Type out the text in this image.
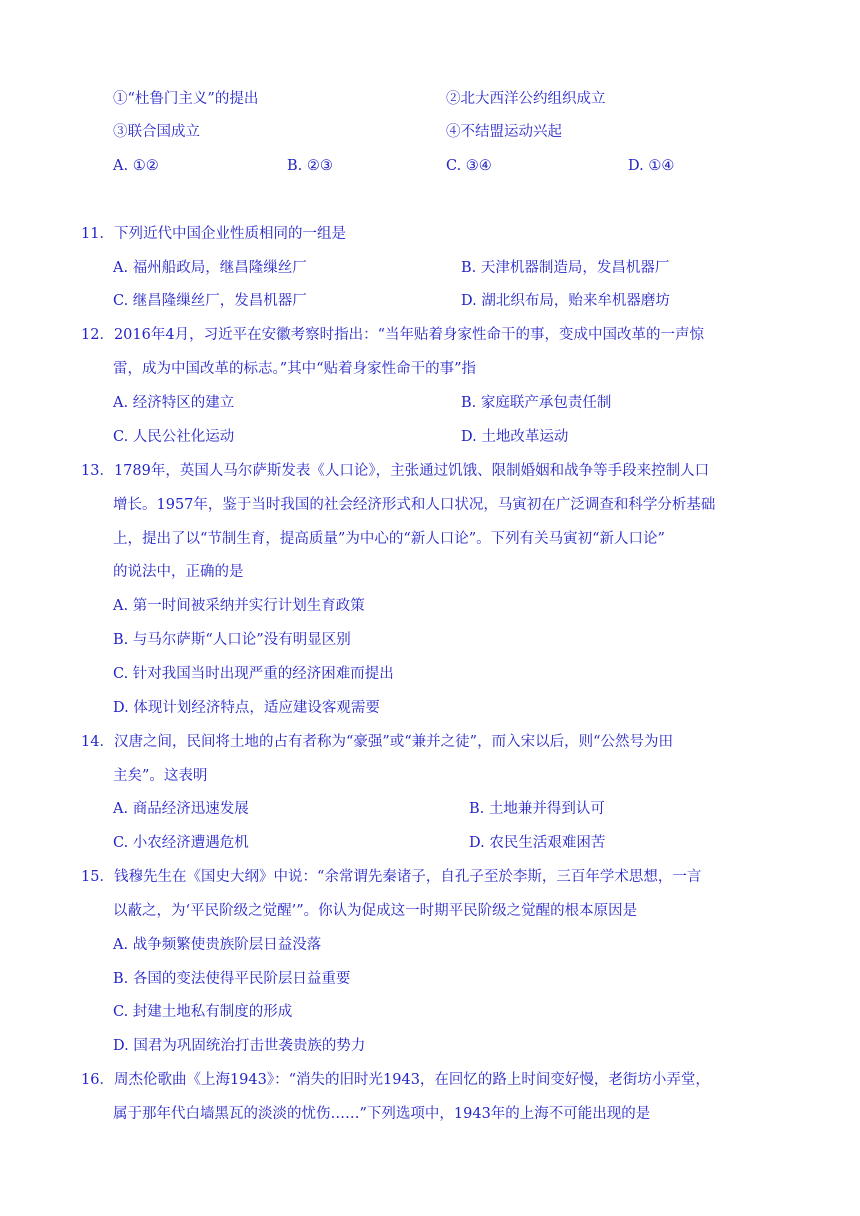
①“杜鲁门主义”的提出	②北大西洋公约组织成立
③联合国成立	④不结盟运动兴起
A. ①②	B. ②③	C. ③④	D. ①④
11．下列近代中国企业性质相同的一组是
A. 福州船政局，继昌隆缫丝厂	B. 天津机器制造局，发昌机器厂
C. 继昌隆缫丝厂，发昌机器厂	D. 湖北织布局，贻来牟机器磨坊
12．2016年4月，习近平在安徽考察时指出：“当年贴着身家性命干的事，变成中国改革的一声惊
雷，成为中国改革的标志。”其中“贴着身家性命干的事”指
A. 经济特区的建立	B. 家庭联产承包责任制
C. 人民公社化运动	D. 土地改革运动
13．1789年，英国人马尔萨斯发表《人口论》，主张通过饥饿、限制婚姻和战争等手段来控制人口
增长。1957年，鉴于当时我国的社会经济形式和人口状况，马寅初在广泛调查和科学分析基础
上，提出了以“节制生育，提高质量”为中心的“新人口论”。下列有关马寅初“新人口论”
的说法中，正确的是
A. 第一时间被采纳并实行计划生育政策
B. 与马尔萨斯“人口论”没有明显区别
C. 针对我国当时出现严重的经济困难而提出
D. 体现计划经济特点，适应建设客观需要
14．汉唐之间，民间将土地的占有者称为“豪强”或“兼并之徒”，而入宋以后，则“公然号为田
主矣”。这表明
A. 商品经济迅速发展	B. 土地兼并得到认可
C. 小农经济遭遇危机	D. 农民生活艰难困苦
15．钱穆先生在《国史大纲》中说：“余常谓先秦诸子，自孔子至於李斯，三百年学术思想，一言
以蔽之，为‘平民阶级之觉醒’”。你认为促成这一时期平民阶级之觉醒的根本原因是
A. 战争频繁使贵族阶层日益没落
B. 各国的变法使得平民阶层日益重要
C. 封建土地私有制度的形成
D. 国君为巩固统治打击世袭贵族的势力
16．周杰伦歌曲《上海1943》：“消失的旧时光1943，在回忆的路上时间变好慢，老街坊小弄堂，
属于那年代白墙黑瓦的淡淡的忧伤……”下列选项中，1943年的上海不可能出现的是
